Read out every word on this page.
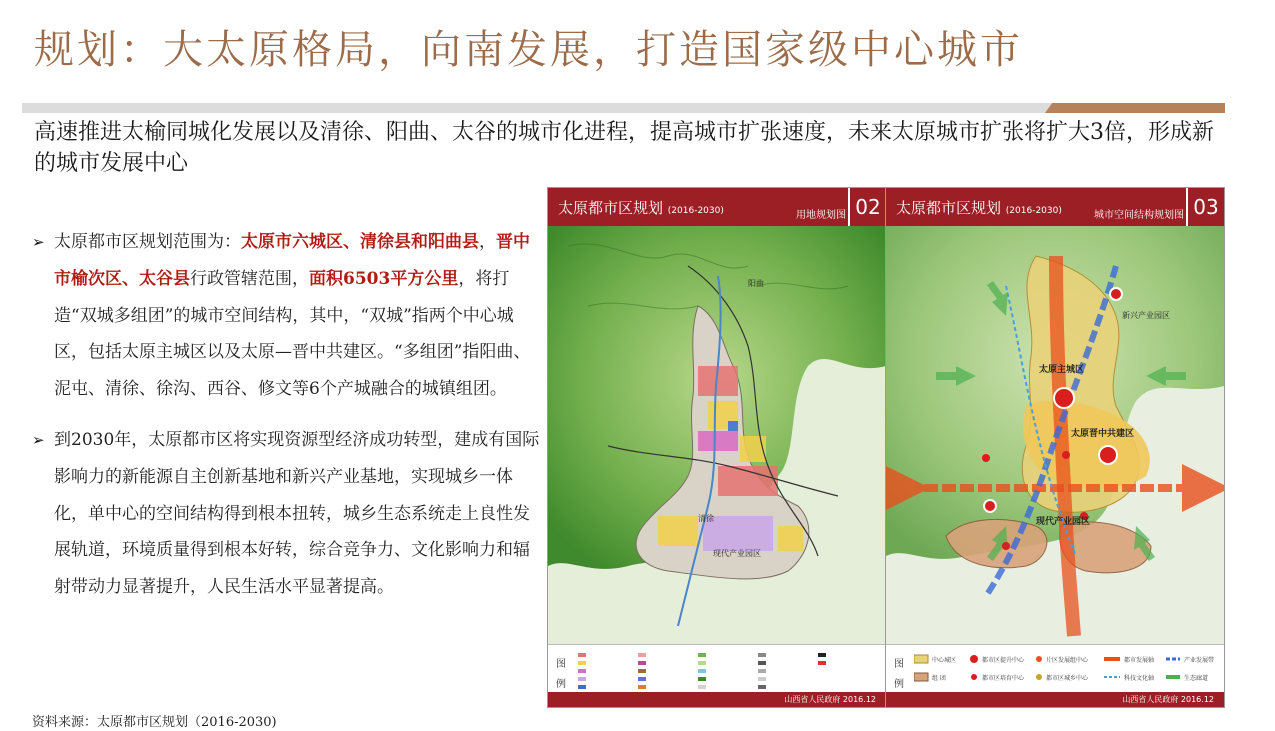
规划：大太原格局，向南发展，打造国家级中心城市
高速推进太榆同城化发展以及清徐、阳曲、太谷的城市化进程，提高城市扩张速度，未来太原城市扩张将扩大3倍，形成新的城市发展中心
➢ 太原都市区规划范围为：太原市六城区、清徐县和阳曲县，晋中市榆次区、太谷县行政管辖范围，面积6503平方公里，将打造“双城多组团”的城市空间结构，其中，“双城”指两个中心城区，包括太原主城区以及太原—晋中共建区。“多组团”指阳曲、泥屯、清徐、徐沟、西谷、修文等6个产城融合的城镇组团。
➢ 到2030年，太原都市区将实现资源型经济成功转型，建成有国际影响力的新能源自主创新基地和新兴产业基地，实现城乡一体化，单中心的空间结构得到根本扭转，城乡生态系统走上良性发展轨道，环境质量得到根本好转，综合竞争力、文化影响力和辐射带动力显著提升，人民生活水平显著提高。
资料来源：太原都市区规划（2016-2030)
太原都市区规划 (2016-2030)	用地规划图 02
阳曲
清徐
现代产业园区
图
例
山西省人民政府 2016.12
太原都市区规划 (2016-2030)	城市空间结构规划图 03
新兴产业园区
太原主城区
太原晋中共建区
现代产业园区
图
例
中心城区
组 团
都市区提升中心
都市区培育中心
片区发展组中心
都市区城乡中心
都市发展轴
科技文化轴
产业发展带
生态廊道
山西省人民政府 2016.12
